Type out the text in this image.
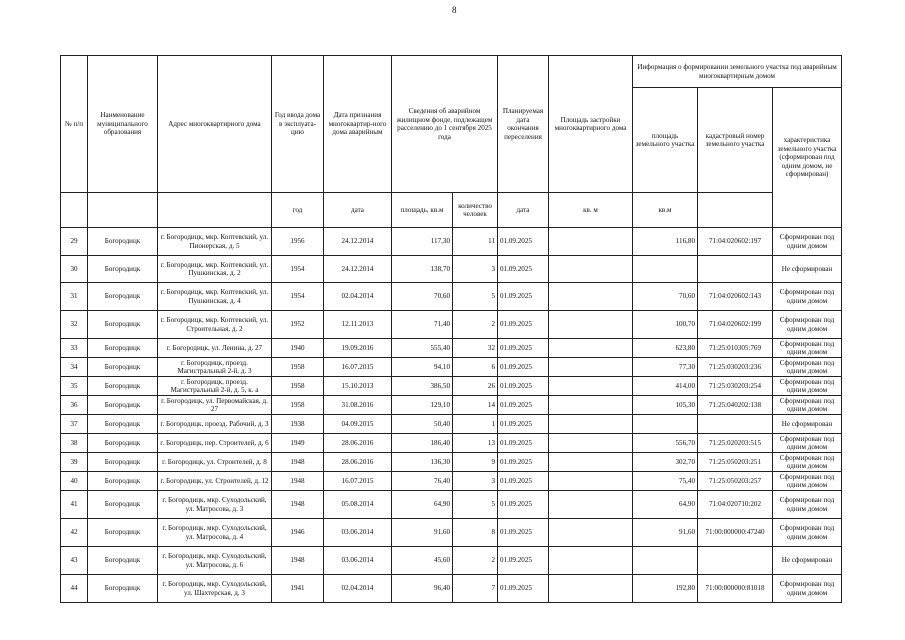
8
№ п/п	Наименование муниципального образования	Адрес многоквартирного дома	Год ввода дома в эксплуата-цию	Дата признания многоквартир-ного дома аварийным	Сведения об аварийном жилищном фонде, подлежащем расселению до 1 сентября 2025 года		Планируемая дата окончания переселения	Площадь застройки многоквартирного дома	Информация о формировании земельного участка под аварийным многоквартирным домом		
									площадь земельного участка	кадастровый номер земельного участка	характеристика земельного участка (сформирован под одним домом, не сформирован)
			год	дата	площадь, кв.м	количество человек	дата	кв. м	кв.м		
29	Богородицк	г. Богородицк, мкр. Коптевский, ул. Пионерская, д. 5	1956	24.12.2014	117,30	11	01.09.2025		116,80	71:04:020602:197	Сформирован под одним домом
30	Богородицк	г. Богородицк, мкр. Коптевский, ул. Пушкинская, д. 2	1954	24.12.2014	138,70	3	01.09.2025				Не сформирован
31	Богородицк	г. Богородицк, мкр. Коптевский, ул. Пушкинская, д. 4	1954	02.04.2014	70,60	5	01.09.2025		70,60	71:04:020602:143	Сформирован под одним домом
32	Богородицк	г. Богородицк, мкр. Коптевский, ул. Строительная, д. 2	1952	12.11.2013	71,40	2	01.09.2025		100,70	71:04:020602:199	Сформирован под одним домом
33	Богородицк	г. Богородицк, ул. Ленина, д. 27	1940	19.09.2016	555,40	32	01.09.2025		623,80	71:25:010305:769	Сформирован под одним домом
34	Богородицк	г. Богородицк, проезд. Магистральный 2-й, д. 3	1958	16.07.2015	94,10	6	01.09.2025		77,30	71:25:030203:236	Сформирован под одним домом
35	Богородицк	г. Богородицк, проезд. Магистральный 2-й, д. 5, к. а	1958	15.10.2013	386,50	26	01.09.2025		414,00	71:25:030203:254	Сформирован под одним домом
36	Богородицк	г. Богородицк, ул. Первомайская, д. 27	1958	31.08.2016	129,10	14	01.09.2025		105,30	71:25:040202:138	Сформирован под одним домом
37	Богородицк	г. Богородицк, проезд. Рабочий, д. 3	1938	04.09.2015	50,40	1	01.09.2025				Не сформирован
38	Богородицк	г. Богородицк, пер. Строителей, д. 6	1949	28.06.2016	186,40	13	01.09.2025		556,70	71:25:020203:515	Сформирован под одним домом
39	Богородицк	г. Богородицк, ул. Строителей, д. 8	1948	28.06.2016	136,30	9	01.09.2025		302,70	71:25:050203:251	Сформирован под одним домом
40	Богородицк	г. Богородицк, ул. Строителей, д. 12	1948	16.07.2015	76,40	3	01.09.2025		75,40	71:25:050203:257	Сформирован под одним домом
41	Богородицк	г. Богородицк, мкр. Суходольский, ул. Матросова, д. 3	1948	05.08.2014	64,90	5	01.09.2025		64,90	71:04:020710:202	Сформирован под одним домом
42	Богородицк	г. Богородицк, мкр. Суходольский, ул. Матросова, д. 4	1946	03.06.2014	91,60	8	01.09.2025		91,60	71:00:000000:47240	Сформирован под одним домом
43	Богородицк	г. Богородицк, мкр. Суходольский, ул. Матросова, д. 6	1948	03.06.2014	45,60	2	01.09.2025				Не сформирован
44	Богородицк	г. Богородицк, мкр. Суходольский, ул. Шахтерская, д. 3	1941	02.04.2014	96,40	7	01.09.2025		192,80	71:00:000000:81018	Сформирован под одним домом
